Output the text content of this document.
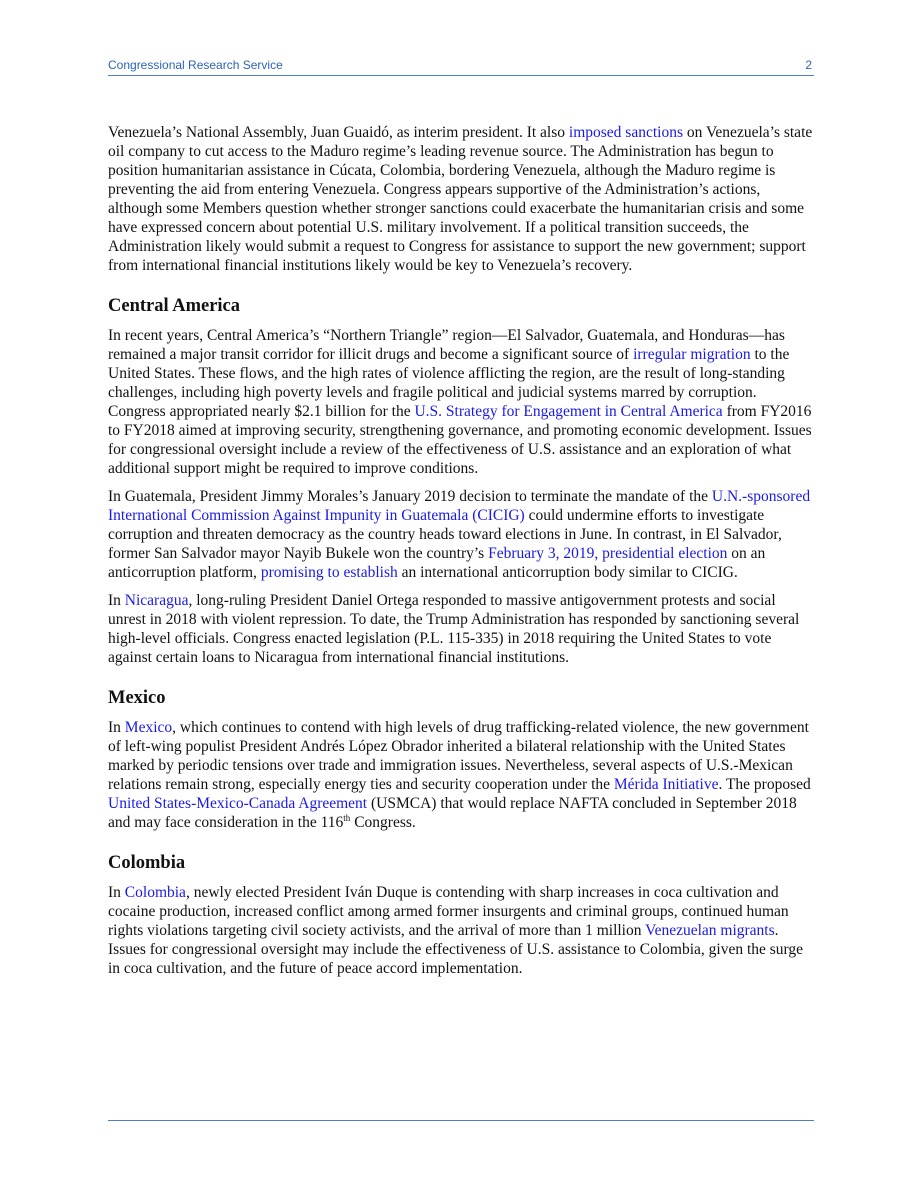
Congressional Research Service	2

Venezuela’s National Assembly, Juan Guaidó, as interim president. It also imposed sanctions on Venezuela’s state oil company to cut access to the Maduro regime’s leading revenue source. The Administration has begun to position humanitarian assistance in Cúcata, Colombia, bordering Venezuela, although the Maduro regime is preventing the aid from entering Venezuela. Congress appears supportive of the Administration’s actions, although some Members question whether stronger sanctions could exacerbate the humanitarian crisis and some have expressed concern about potential U.S. military involvement. If a political transition succeeds, the Administration likely would submit a request to Congress for assistance to support the new government; support from international financial institutions likely would be key to Venezuela’s recovery.

Central America

In recent years, Central America’s “Northern Triangle” region—El Salvador, Guatemala, and Honduras—has remained a major transit corridor for illicit drugs and become a significant source of irregular migration to the United States. These flows, and the high rates of violence afflicting the region, are the result of long-standing challenges, including high poverty levels and fragile political and judicial systems marred by corruption. Congress appropriated nearly $2.1 billion for the U.S. Strategy for Engagement in Central America from FY2016 to FY2018 aimed at improving security, strengthening governance, and promoting economic development. Issues for congressional oversight include a review of the effectiveness of U.S. assistance and an exploration of what additional support might be required to improve conditions.

In Guatemala, President Jimmy Morales’s January 2019 decision to terminate the mandate of the U.N.-sponsored International Commission Against Impunity in Guatemala (CICIG) could undermine efforts to investigate corruption and threaten democracy as the country heads toward elections in June. In contrast, in El Salvador, former San Salvador mayor Nayib Bukele won the country’s February 3, 2019, presidential election on an anticorruption platform, promising to establish an international anticorruption body similar to CICIG.

In Nicaragua, long-ruling President Daniel Ortega responded to massive antigovernment protests and social unrest in 2018 with violent repression. To date, the Trump Administration has responded by sanctioning several high-level officials. Congress enacted legislation (P.L. 115-335) in 2018 requiring the United States to vote against certain loans to Nicaragua from international financial institutions.

Mexico

In Mexico, which continues to contend with high levels of drug trafficking-related violence, the new government of left-wing populist President Andrés López Obrador inherited a bilateral relationship with the United States marked by periodic tensions over trade and immigration issues. Nevertheless, several aspects of U.S.-Mexican relations remain strong, especially energy ties and security cooperation under the Mérida Initiative. The proposed United States-Mexico-Canada Agreement (USMCA) that would replace NAFTA concluded in September 2018 and may face consideration in the 116th Congress.

Colombia

In Colombia, newly elected President Iván Duque is contending with sharp increases in coca cultivation and cocaine production, increased conflict among armed former insurgents and criminal groups, continued human rights violations targeting civil society activists, and the arrival of more than 1 million Venezuelan migrants. Issues for congressional oversight may include the effectiveness of U.S. assistance to Colombia, given the surge in coca cultivation, and the future of peace accord implementation.
